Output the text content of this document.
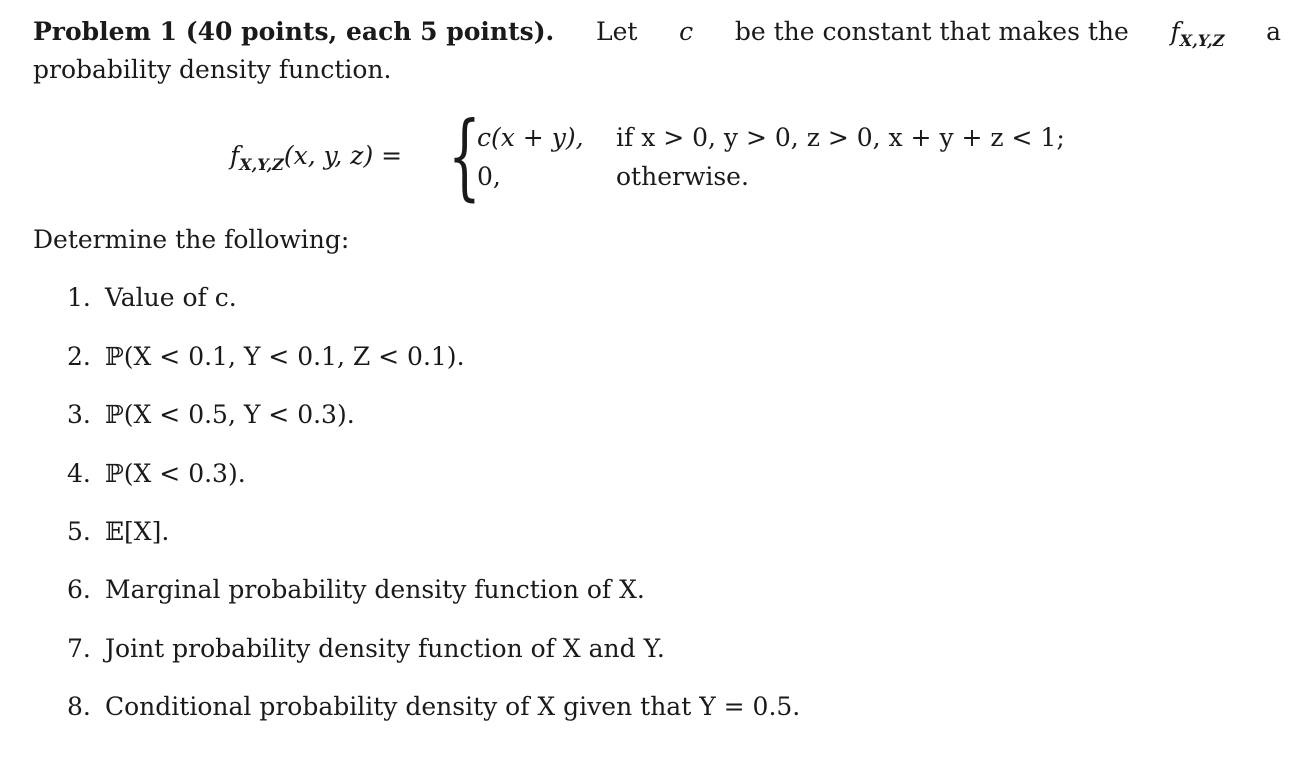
Problem 1 (40 points, each 5 points). Let c be the constant that makes the $f_{X,Y,Z}$ a
probability density function.
$f_{X,Y,Z}(x$, y, z) = {
c(x + y), if x > 0, y > 0, z > 0, x + y + z < 1;
0,	otherwise.
Determine the following:
1. Value of c.
2. ℙ(X < 0.1, Y < 0.1, Z < 0.1).
3. ℙ(X < 0.5, Y < 0.3).
4. ℙ(X < 0.3).
5. 𝔼[X].
6. Marginal probability density function of X.
7. Joint probability density function of X and Y.
8. Conditional probability density of X given that Y = 0.5.
